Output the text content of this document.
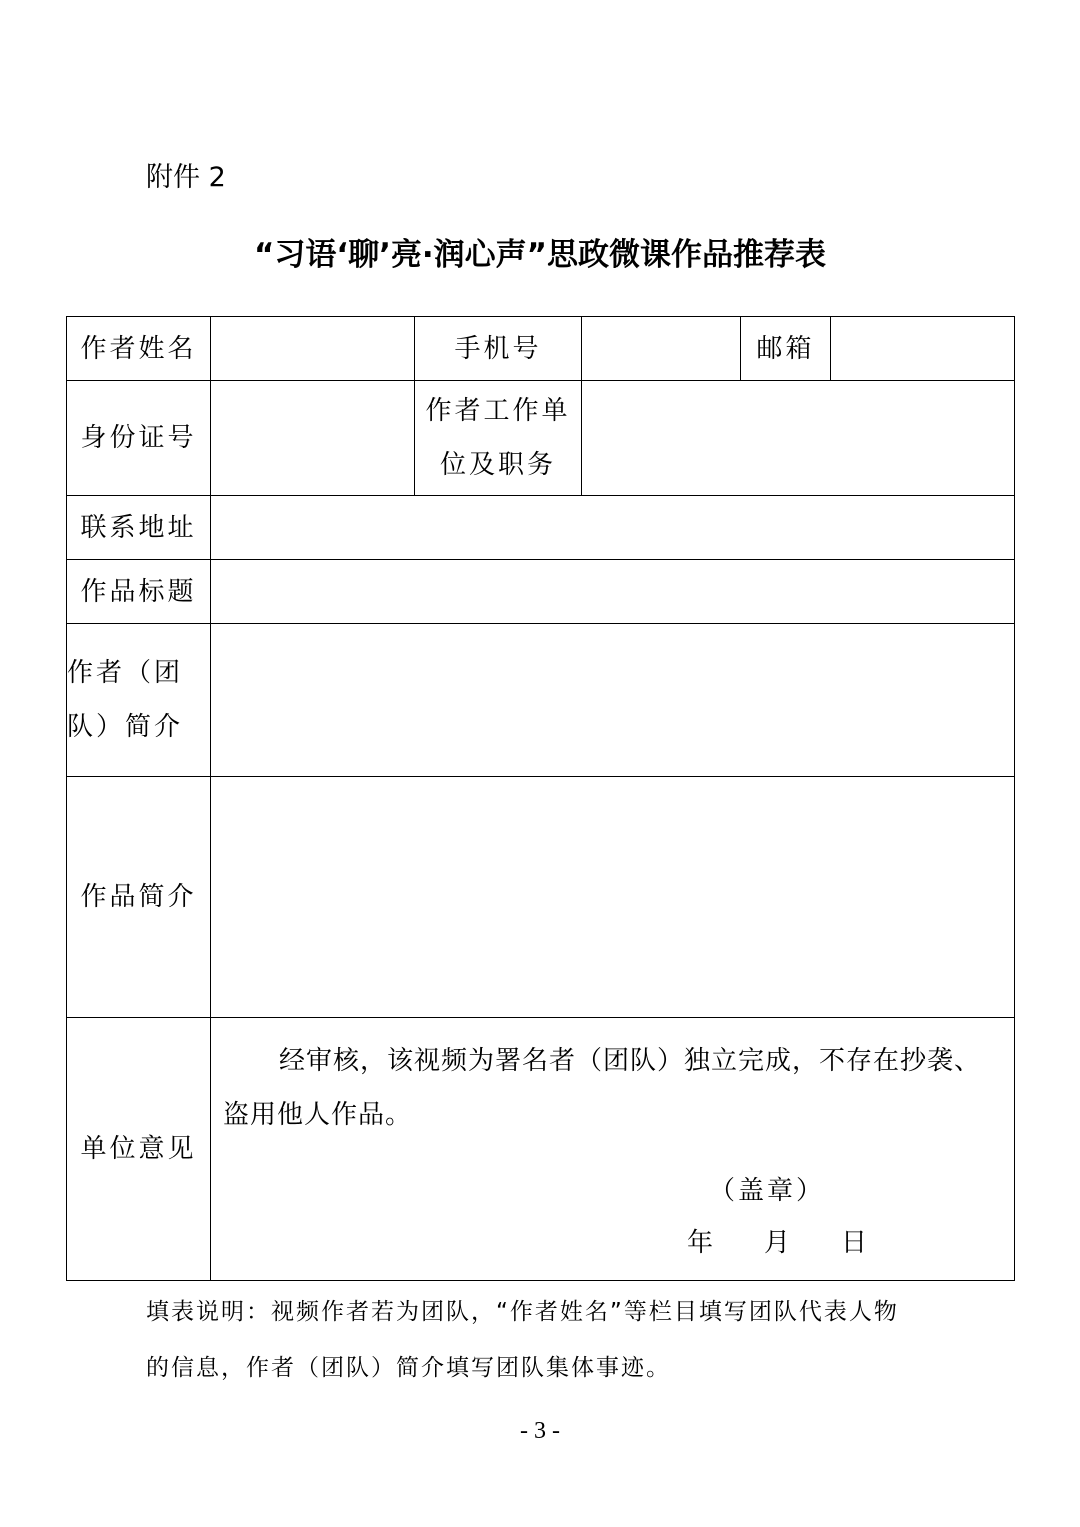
附件 2
“习语‘聊’亮·润心声”思政微课作品推荐表
作者姓名		手机号		邮箱	
身份证号		作者工作单
位及职务			

联系地址					
作品标题					

作者（团
队）简介					

作品简介					
单位意见	经审核，该视频为署名者（团队）独立完成，不存在抄袭、盗用他人作品。

（盖章）
年 月 日				
填表说明：视频作者若为团队，“作者姓名”等栏目填写团队代表人物
的信息，作者（团队）简介填写团队集体事迹。
- 3 -
